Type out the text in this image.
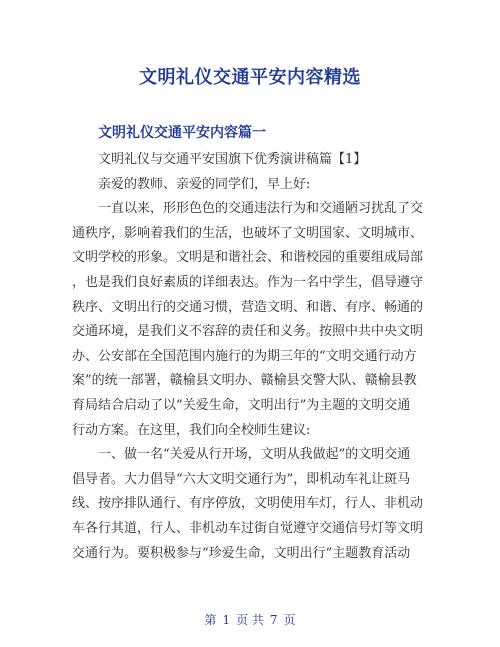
文明礼仪交通平安内容精选
文明礼仪交通平安内容篇一
文明礼仪与交通平安国旗下优秀演讲稿篇【1】
亲爱的教师、亲爱的同学们，早上好:
一直以来，形形色色的交通违法行为和交通陋习扰乱了交
通秩序，影响着我们的生活，也破坏了文明国家、文明城市、
文明学校的形象。文明是和谐社会、和谐校园的重要组成局部
，也是我们良好素质的详细表达。作为一名中学生，倡导遵守
秩序、文明出行的交通习惯，营造文明、和谐、有序、畅通的
交通环境，是我们义不容辞的责任和义务。按照中共中央文明
办、公安部在全国范围内施行的为期三年的“文明交通行动方
案”的统一部署，赣榆县文明办、赣榆县交警大队、赣榆县教
育局结合启动了以“关爱生命，文明出行”为主题的文明交通
行动方案。在这里，我们向全校师生建议:
一、做一名“关爱从行开场，文明从我做起”的文明交通
倡导者。大力倡导“六大文明交通行为”，即机动车礼让斑马
线、按序排队通行、有序停放，文明使用车灯，行人、非机动
车各行其道，行人、非机动车过街自觉遵守交通信号灯等文明
交通行为。要积极参与“珍爱生命，文明出行”主题教育活动
第 1 页 共 7 页
